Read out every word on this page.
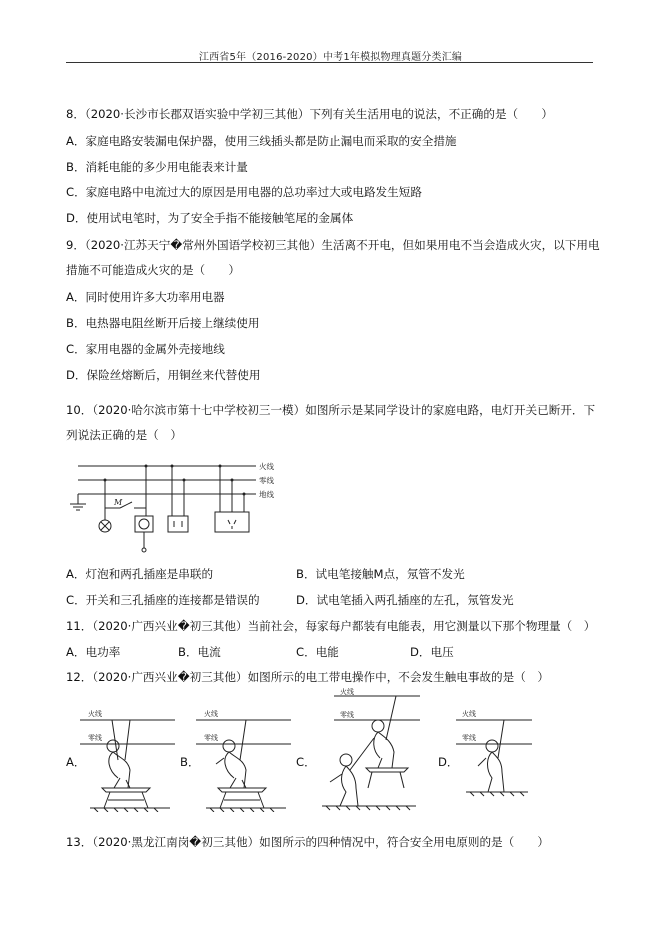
江西省5年（2016-2020）中考1年模拟物理真题分类汇编
8．（2020·长沙市长郡双语实验中学初三其他）下列有关生活用电的说法，不正确的是（　　）
A．家庭电路安装漏电保护器，使用三线插头都是防止漏电而采取的安全措施
B．消耗电能的多少用电能表来计量
C．家庭电路中电流过大的原因是用电器的总功率过大或电路发生短路
D．使用试电笔时，为了安全手指不能接触笔尾的金属体
9．（2020·江苏天宁�常州外国语学校初三其他）生活离不开电，但如果用电不当会造成火灾，以下用电
措施不可能造成火灾的是（　　）
A．同时使用许多大功率用电器
B．电热器电阻丝断开后接上继续使用
C．家用电器的金属外壳接地线
D．保险丝熔断后，用铜丝来代替使用
10．（2020·哈尔滨市第十七中学校初三一模）如图所示是某同学设计的家庭电路，电灯开关已断开．下
列说法正确的是（　）
火线
零线
地线
M
A．灯泡和两孔插座是串联的	B．试电笔接触M点，氖管不发光
C．开关和三孔插座的连接都是错误的	D．试电笔插入两孔插座的左孔，氖管发光
11．（2020·广西兴业�初三其他）当前社会，每家每户都装有电能表，用它测量以下那个物理量（　）
A．电功率	B．电流	C．电能	D．电压
12．（2020·广西兴业�初三其他）如图所示的电工带电操作中，不会发生触电事故的是（　）
A．
火线
零线
B．
火线
零线
C．
火线
零线
D．
火线
零线
13．（2020·黑龙江南岗�初三其他）如图所示的四种情况中，符合安全用电原则的是（　　）
